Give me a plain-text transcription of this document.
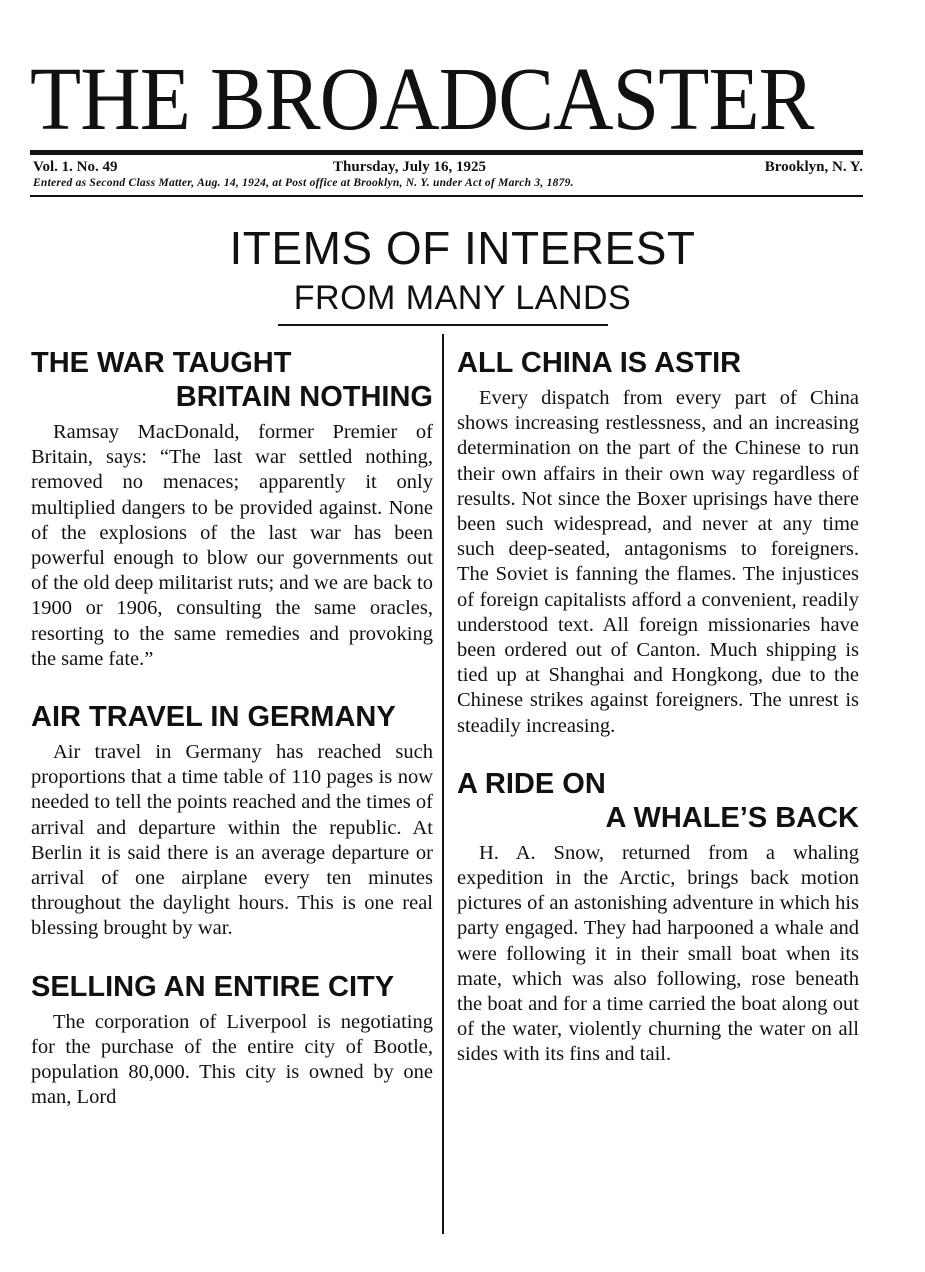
THE BROADCASTER
Vol. 1. No. 49	Thursday, July 16, 1925	Brooklyn, N. Y.
Entered as Second Class Matter, Aug. 14, 1924, at Post office at Brooklyn, N. Y. under Act of March 3, 1879.
ITEMS OF INTEREST
FROM MANY LANDS
THE WAR TAUGHT
BRITAIN NOTHING

Ramsay MacDonald, former Premier of Britain, says: “The last war settled nothing, removed no menaces; apparently it only multiplied dangers to be provided against. None of the explosions of the last war has been powerful enough to blow our governments out of the old deep militarist ruts; and we are back to 1900 or 1906, consulting the same oracles, resorting to the same remedies and provoking the same fate.”

AIR TRAVEL IN GERMANY

Air travel in Germany has reached such proportions that a time table of 110 pages is now needed to tell the points reached and the times of arrival and departure within the republic. At Berlin it is said there is an average departure or arrival of one airplane every ten minutes throughout the daylight hours. This is one real blessing brought by war.

SELLING AN ENTIRE CITY

The corporation of Liverpool is negotiating for the purchase of the entire city of Bootle, population 80,000. This city is owned by one man, Lord

ALL CHINA IS ASTIR

Every dispatch from every part of China shows increasing restlessness, and an increasing determination on the part of the Chinese to run their own affairs in their own way regardless of results. Not since the Boxer uprisings have there been such widespread, and never at any time such deep-seated, antagonisms to foreigners. The Soviet is fanning the flames. The injustices of foreign capitalists afford a convenient, readily understood text. All foreign missionaries have been ordered out of Canton. Much shipping is tied up at Shanghai and Hongkong, due to the Chinese strikes against foreigners. The unrest is steadily increasing.

A RIDE ON
A WHALE’S BACK

H. A. Snow, returned from a whaling expedition in the Arctic, brings back motion pictures of an astonishing adventure in which his party engaged. They had harpooned a whale and were following it in their small boat when its mate, which was also following, rose beneath the boat and for a time carried the boat along out of the water, violently churning the water on all sides with its fins and tail.
